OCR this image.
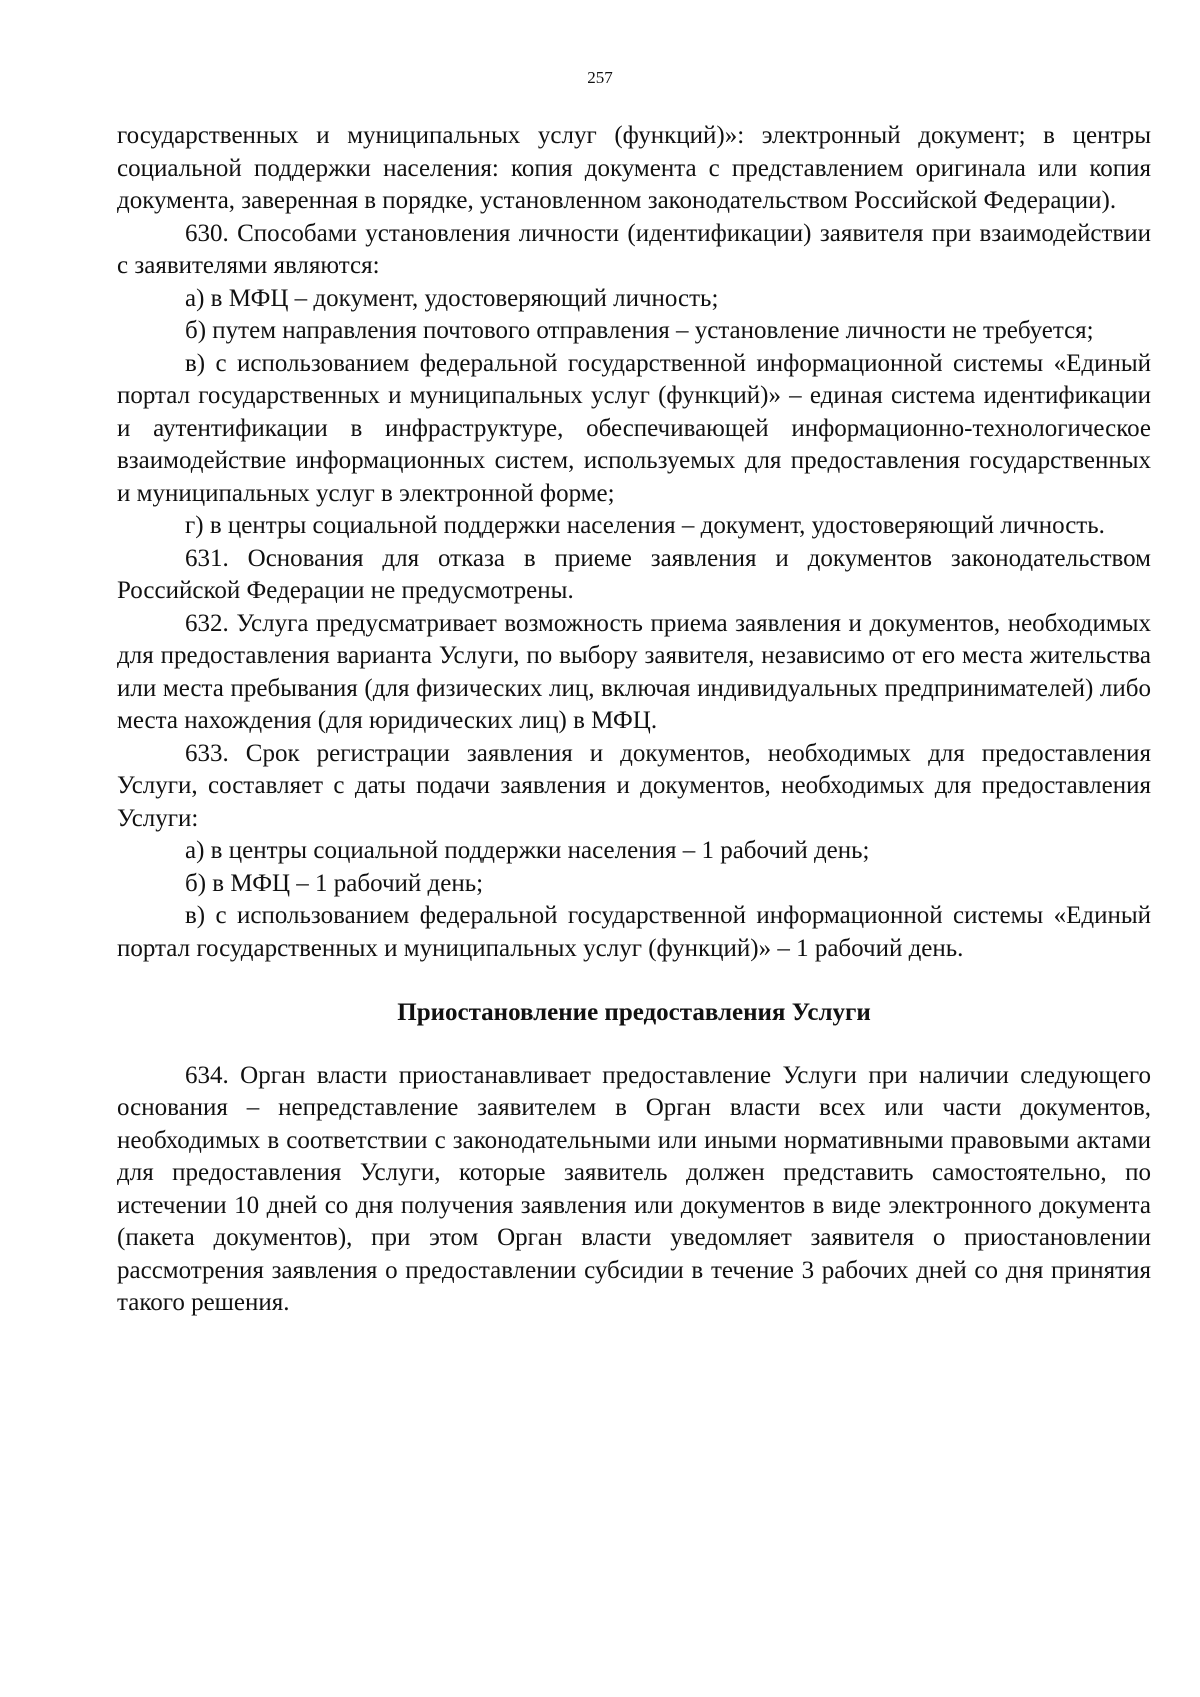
257

государственных и муниципальных услуг (функций)»: электронный документ; в центры социальной поддержки населения: копия документа с представлением оригинала или копия документа, заверенная в порядке, установленном законодательством Российской Федерации).

630. Способами установления личности (идентификации) заявителя при взаимодействии с заявителями являются:

а) в МФЦ – документ, удостоверяющий личность;

б) путем направления почтового отправления – установление личности не требуется;

в) с использованием федеральной государственной информационной системы «Единый портал государственных и муниципальных услуг (функций)» – единая система идентификации и аутентификации в инфраструктуре, обеспечивающей информационно-технологическое взаимодействие информационных систем, используемых для предоставления государственных и муниципальных услуг в электронной форме;

г) в центры социальной поддержки населения – документ, удостоверяющий личность.

631. Основания для отказа в приеме заявления и документов законодательством Российской Федерации не предусмотрены.

632. Услуга предусматривает возможность приема заявления и документов, необходимых для предоставления варианта Услуги, по выбору заявителя, независимо от его места жительства или места пребывания (для физических лиц, включая индивидуальных предпринимателей) либо места нахождения (для юридических лиц) в МФЦ.

633. Срок регистрации заявления и документов, необходимых для предоставления Услуги, составляет с даты подачи заявления и документов, необходимых для предоставления Услуги:

а) в центры социальной поддержки населения – 1 рабочий день;

б) в МФЦ – 1 рабочий день;

в) с использованием федеральной государственной информационной системы «Единый портал государственных и муниципальных услуг (функций)» – 1 рабочий день.

Приостановление предоставления Услуги

634. Орган власти приостанавливает предоставление Услуги при наличии следующего основания – непредставление заявителем в Орган власти всех или части документов, необходимых в соответствии с законодательными или иными нормативными правовыми актами для предоставления Услуги, которые заявитель должен представить самостоятельно, по истечении 10 дней со дня получения заявления или документов в виде электронного документа (пакета документов), при этом Орган власти уведомляет заявителя о приостановлении рассмотрения заявления о предоставлении субсидии в течение 3 рабочих дней со дня принятия такого решения.
